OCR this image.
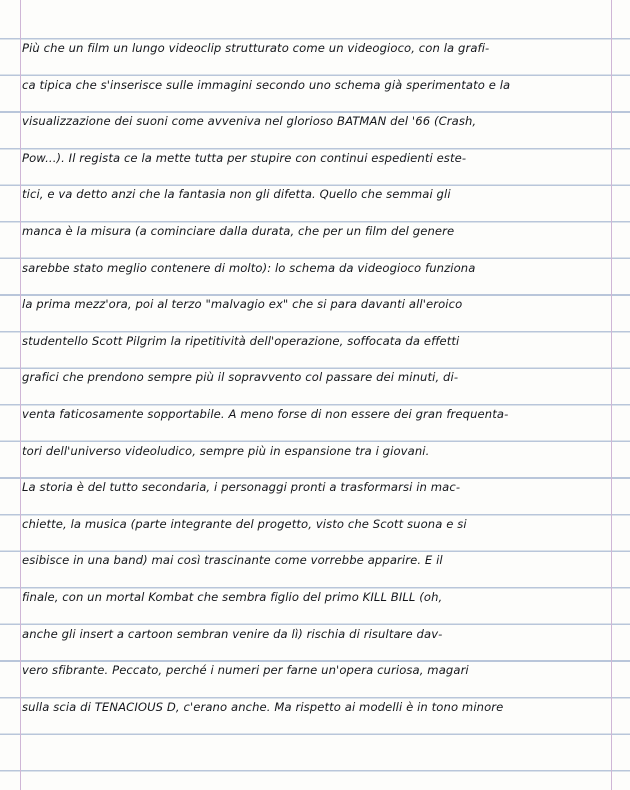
Più che un film un lungo videoclip strutturato come un videogioco, con la grafi-
ca tipica che s'inserisce sulle immagini secondo uno schema già sperimentato e la
visualizzazione dei suoni come avveniva nel glorioso BATMAN del '66 (Crash,
Pow...). Il regista ce la mette tutta per stupire con continui espedienti este-
tici, e va detto anzi che la fantasia non gli difetta. Quello che semmai gli
manca è la misura (a cominciare dalla durata, che per un film del genere
sarebbe stato meglio contenere di molto): lo schema da videogioco funziona
la prima mezz'ora, poi al terzo "malvagio ex" che si para davanti all'eroico
studentello Scott Pilgrim la ripetitività dell'operazione, soffocata da effetti
grafici che prendono sempre più il sopravvento col passare dei minuti, di-
venta faticosamente sopportabile. A meno forse di non essere dei gran frequenta-
tori dell'universo videoludico, sempre più in espansione tra i giovani.
La storia è del tutto secondaria, i personaggi pronti a trasformarsi in mac-
chiette, la musica (parte integrante del progetto, visto che Scott suona e si
esibisce in una band) mai così trascinante come vorrebbe apparire. E il
finale, con un mortal Kombat che sembra figlio del primo KILL BILL (oh,
anche gli insert a cartoon sembran venire da lì) rischia di risultare dav-
vero sfibrante. Peccato, perché i numeri per farne un'opera curiosa, magari
sulla scia di TENACIOUS D, c'erano anche. Ma rispetto ai modelli è in tono minore
